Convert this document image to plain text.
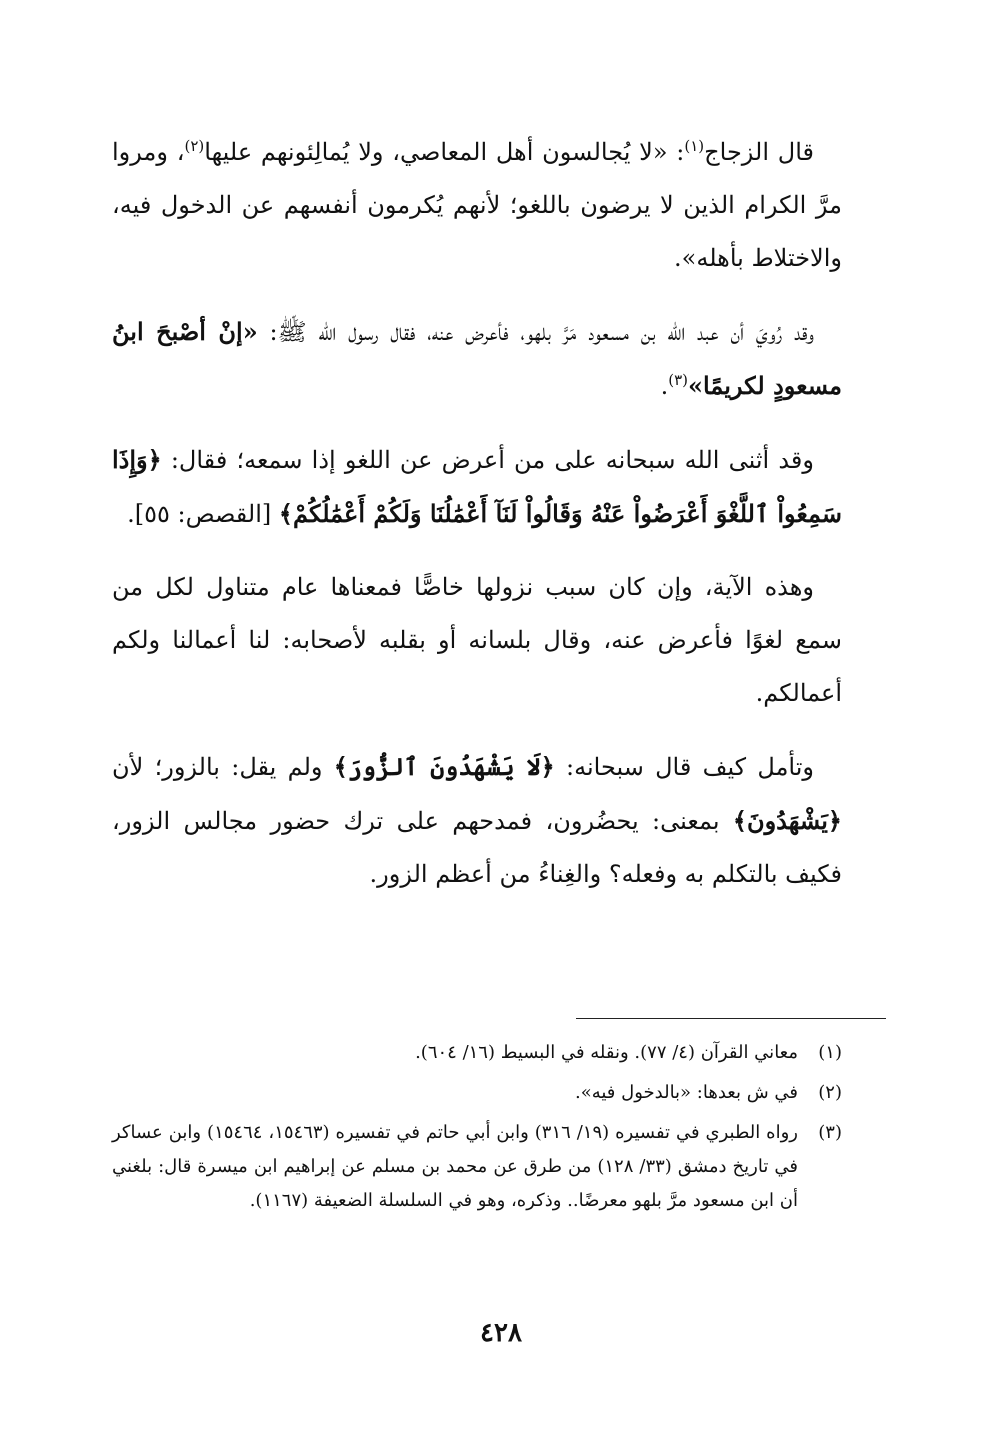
قال الزجاج$^{(١)}$: «لا يُجالسون أهل المعاصي، ولا يُمالِئونهم عليها$^{(٢)}$، ومروا مرَّ الكرام الذين لا يرضون باللغو؛ لأنهم يُكرمون أنفسهم عن الدخول فيه، والاختلاط بأهله».

وقد رُويَ أن عبد الله بن مسعود مَرَّ بلهو، فأعرض عنه، فقال رسول الله ﷺ: «إنْ أصْبحَ ابنُ مسعودٍ لكريمًا»$^{(٣)}$.

وقد أثنى الله سبحانه على من أعرض عن اللغو إذا سمعه؛ فقال: ﴿وَإِذَا سَمِعُواْ ٱللَّغْوَ أَعْرَضُواْ عَنْهُ وَقَالُواْ لَنَآ أَعْمَٰلُنَا وَلَكُمْ أَعْمَٰلُكُمْ﴾ [القصص: ٥٥].

وهذه الآية، وإن كان سبب نزولها خاصًّا فمعناها عام متناول لكل من سمع لغوًا فأعرض عنه، وقال بلسانه أو بقلبه لأصحابه: لنا أعمالنا ولكم أعمالكم.

وتأمل كيف قال سبحانه: ﴿لَا يَشْهَدُونَ ٱلزُّورَ﴾ ولم يقل: بالزور؛ لأن ﴿يَشْهَدُونَ﴾ بمعنى: يحضُرون، فمدحهم على ترك حضور مجالس الزور، فكيف بالتكلم به وفعله؟ والغِناءُ من أعظم الزور.

(١)
معاني القرآن (٤/ ٧٧). ونقله في البسيط (١٦/ ٦٠٤).
(٢)
في ش بعدها: «بالدخول فيه».
(٣)
رواه الطبري في تفسيره (١٩/ ٣١٦) وابن أبي حاتم في تفسيره (١٥٤٦٣، ١٥٤٦٤) وابن عساكر في تاريخ دمشق (٣٣/ ١٢٨) من طرق عن محمد بن مسلم عن إبراهيم ابن ميسرة قال: بلغني أن ابن مسعود مرَّ بلهو معرضًا.. وذكره، وهو في السلسلة الضعيفة (١١٦٧).
٤٢٨
